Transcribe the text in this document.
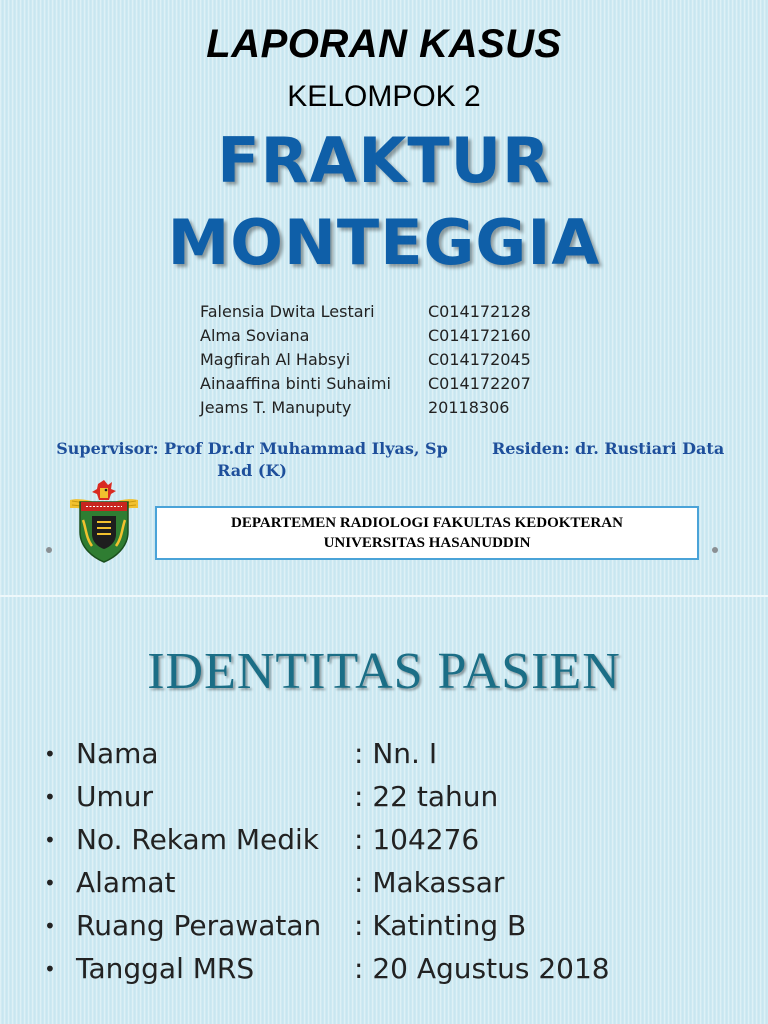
LAPORAN KASUS
KELOMPOK 2
FRAKTUR
MONTEGGIA
Falensia Dwita Lestari	C014172128
Alma Soviana	C014172160
Magfirah Al Habsyi	C014172045
Ainaaffina binti Suhaimi	C014172207
Jeams T. Manuputy	20118306
Supervisor: Prof Dr.dr Muhammad Ilyas, Sp
Rad (K)
Residen: dr. Rustiari Data
DEPARTEMEN RADIOLOGI FAKULTAS KEDOKTERAN
UNIVERSITAS HASANUDDIN
IDENTITAS PASIEN
• Nama	: Nn. I
• Umur	: 22 tahun
• No. Rekam Medik	: 104276
• Alamat	: Makassar
• Ruang Perawatan	: Katinting B
• Tanggal MRS	: 20 Agustus 2018
